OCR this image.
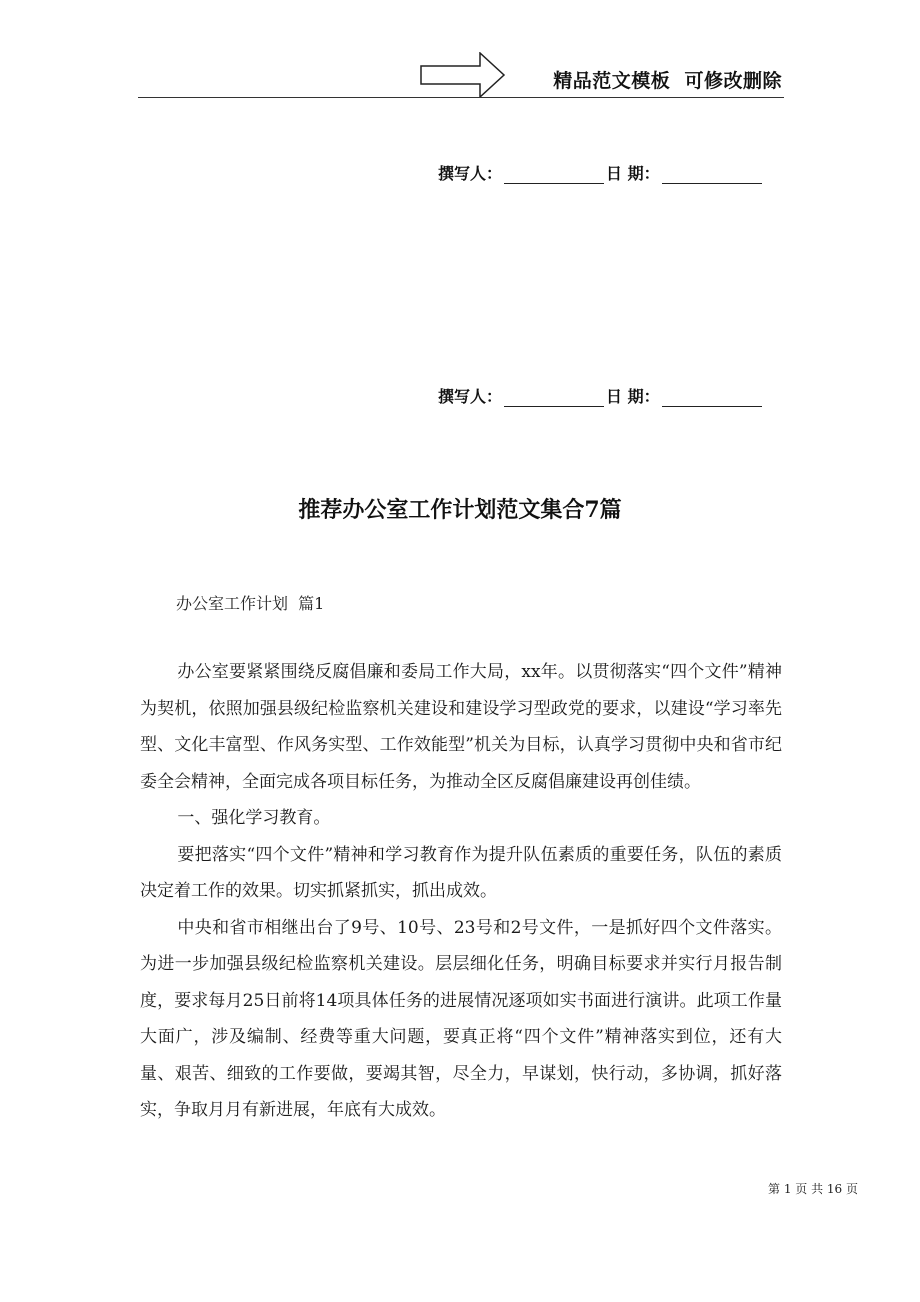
精品范文模板  可修改删除
撰写人：	日 期：
撰写人：	日 期：
推荐办公室工作计划范文集合7篇
办公室工作计划  篇1

办公室要紧紧围绕反腐倡廉和委局工作大局，xx年。以贯彻落实“四个文件”精神为契机，依照加强县级纪检监察机关建设和建设学习型政党的要求，以建设“学习率先型、文化丰富型、作风务实型、工作效能型”机关为目标，认真学习贯彻中央和省市纪委全会精神，全面完成各项目标任务，为推动全区反腐倡廉建设再创佳绩。

一、强化学习教育。

要把落实“四个文件”精神和学习教育作为提升队伍素质的重要任务，队伍的素质决定着工作的效果。切实抓紧抓实，抓出成效。

中央和省市相继出台了9号、10号、23号和2号文件，一是抓好四个文件落实。为进一步加强县级纪检监察机关建设。层层细化任务，明确目标要求并实行月报告制度，要求每月25日前将14项具体任务的进展情况逐项如实书面进行演讲。此项工作量大面广，涉及编制、经费等重大问题，要真正将“四个文件”精神落实到位，还有大量、艰苦、细致的工作要做，要竭其智，尽全力，早谋划，快行动，多协调，抓好落实，争取月月有新进展，年底有大成效。

第 1 页 共 16 页
